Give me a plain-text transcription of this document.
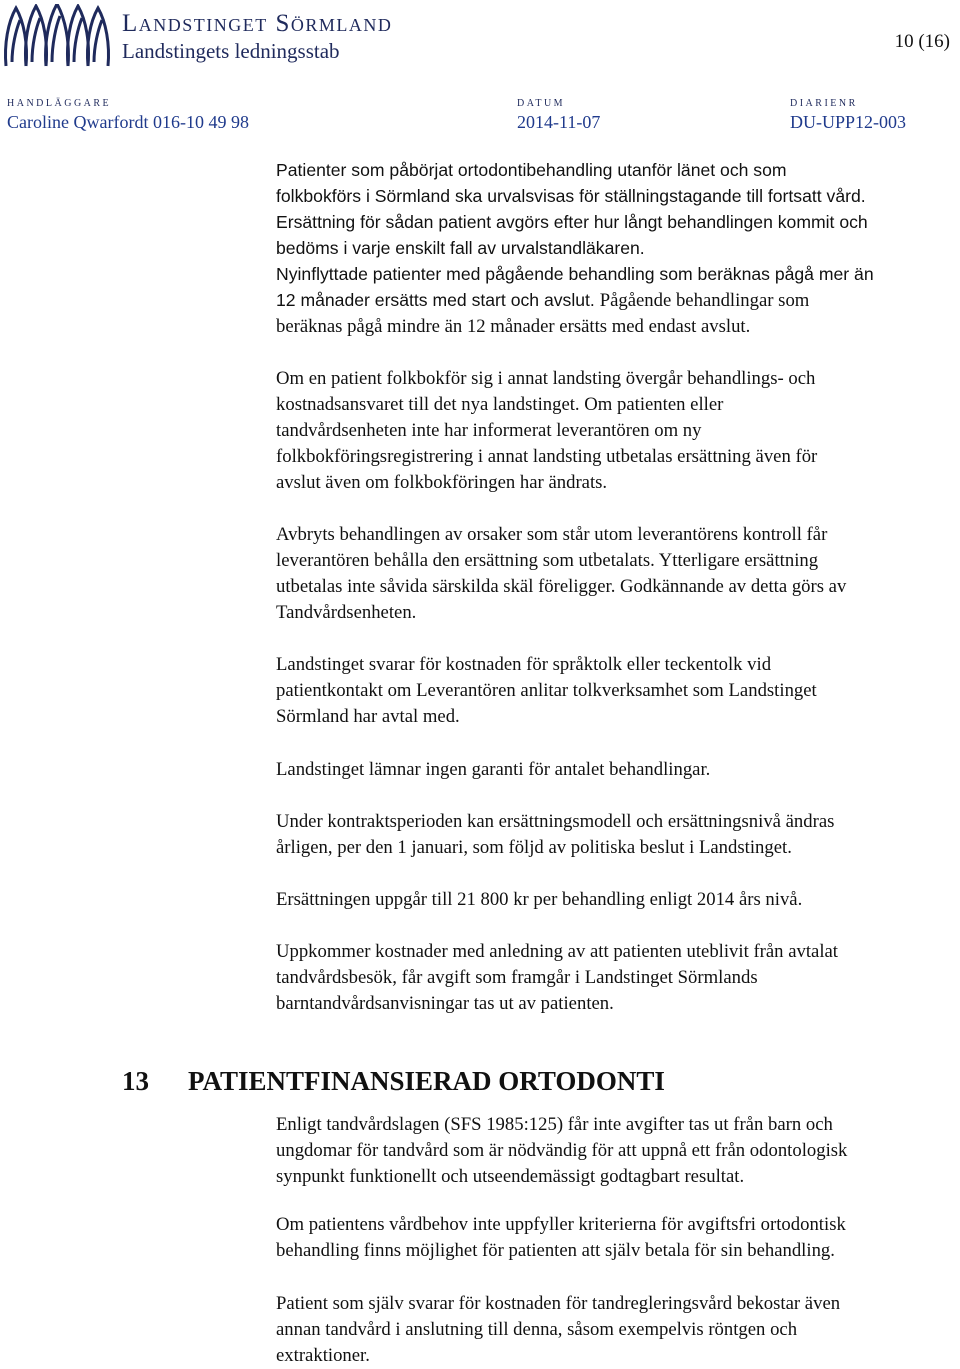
Landstinget Sörmland
Landstingets ledningsstab	10 (16)
HANDLÄGGARE
Caroline Qwarfordt 016-10 49 98
DATUM
2014-11-07
DIARIENR
DU-UPP12-003

Patienter som påbörjat ortodontibehandling utanför länet och som

folkbokförs i Sörmland ska urvalsvisas för ställningstagande till fortsatt vård.

Ersättning för sådan patient avgörs efter hur långt behandlingen kommit och

bedöms i varje enskilt fall av urvalstandläkaren.

Nyinflyttade patienter med pågående behandling som beräknas pågå mer än

12 månader ersätts med start och avslut. Pågående behandlingar som

beräknas pågå mindre än 12 månader ersätts med endast avslut.

Om en patient folkbokför sig i annat landsting övergår behandlings- och

kostnadsansvaret till det nya landstinget. Om patienten eller

tandvårdsenheten inte har informerat leverantören om ny

folkbokföringsregistrering i annat landsting utbetalas ersättning även för

avslut även om folkbokföringen har ändrats.

Avbryts behandlingen av orsaker som står utom leverantörens kontroll får

leverantören behålla den ersättning som utbetalats. Ytterligare ersättning

utbetalas inte såvida särskilda skäl föreligger. Godkännande av detta görs av

Tandvårdsenheten.

Landstinget svarar för kostnaden för språktolk eller teckentolk vid

patientkontakt om Leverantören anlitar tolkverksamhet som Landstinget

Sörmland har avtal med.

Landstinget lämnar ingen garanti för antalet behandlingar.

Under kontraktsperioden kan ersättningsmodell och ersättningsnivå ändras

årligen, per den 1 januari, som följd av politiska beslut i Landstinget.

Ersättningen uppgår till 21 800 kr per behandling enligt 2014 års nivå.

Uppkommer kostnader med anledning av att patienten uteblivit från avtalat

tandvårdsbesök, får avgift som framgår i Landstinget Sörmlands

barntandvårdsanvisningar tas ut av patienten.

13 PATIENTFINANSIERAD ORTODONTI

Enligt tandvårdslagen (SFS 1985:125) får inte avgifter tas ut från barn och

ungdomar för tandvård som är nödvändig för att uppnå ett från odontologisk

synpunkt funktionellt och utseendemässigt godtagbart resultat.

Om patientens vårdbehov inte uppfyller kriterierna för avgiftsfri ortodontisk

behandling finns möjlighet för patienten att själv betala för sin behandling.

Patient som själv svarar för kostnaden för tandregleringsvård bekostar även

annan tandvård i anslutning till denna, såsom exempelvis röntgen och

extraktioner.
